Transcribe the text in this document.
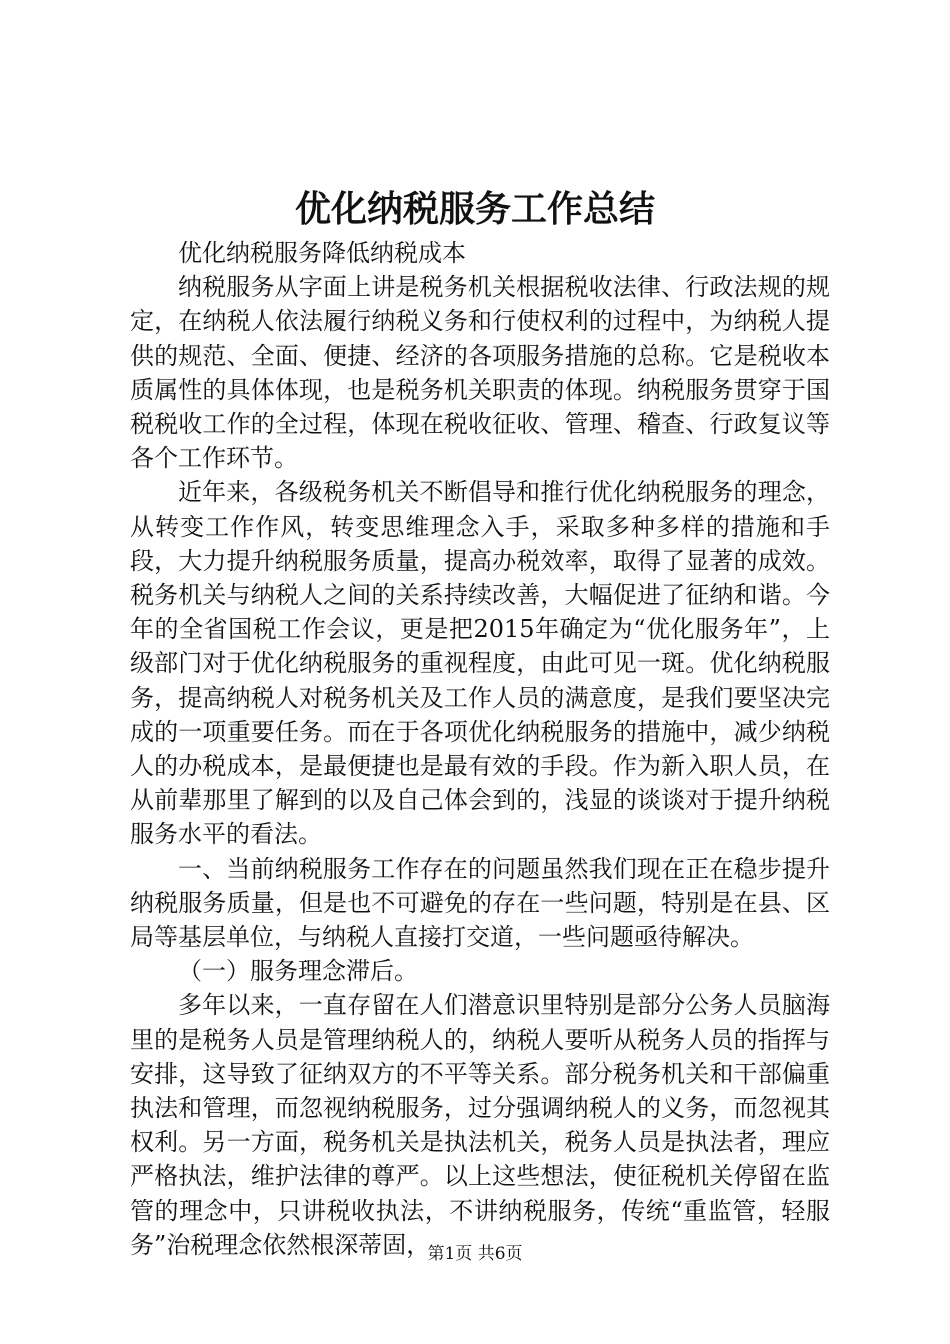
优化纳税服务工作总结

优化纳税服务降低纳税成本

纳税服务从字面上讲是税务机关根据税收法律、行政法规的规定，在纳税人依法履行纳税义务和行使权利的过程中，为纳税人提供的规范、全面、便捷、经济的各项服务措施的总称。它是税收本质属性的具体体现，也是税务机关职责的体现。纳税服务贯穿于国税税收工作的全过程，体现在税收征收、管理、稽查、行政复议等各个工作环节。

近年来，各级税务机关不断倡导和推行优化纳税服务的理念，从转变工作作风，转变思维理念入手，采取多种多样的措施和手段，大力提升纳税服务质量，提高办税效率，取得了显著的成效。税务机关与纳税人之间的关系持续改善，大幅促进了征纳和谐。今年的全省国税工作会议，更是把2015年确定为“优化服务年”，上级部门对于优化纳税服务的重视程度，由此可见一斑。优化纳税服务，提高纳税人对税务机关及工作人员的满意度，是我们要坚决完成的一项重要任务。而在于各项优化纳税服务的措施中，减少纳税人的办税成本，是最便捷也是最有效的手段。作为新入职人员，在从前辈那里了解到的以及自己体会到的，浅显的谈谈对于提升纳税服务水平的看法。

一、当前纳税服务工作存在的问题虽然我们现在正在稳步提升纳税服务质量，但是也不可避免的存在一些问题，特别是在县、区局等基层单位，与纳税人直接打交道，一些问题亟待解决。

（一）服务理念滞后。

多年以来，一直存留在人们潜意识里特别是部分公务人员脑海里的是税务人员是管理纳税人的，纳税人要听从税务人员的指挥与安排，这导致了征纳双方的不平等关系。部分税务机关和干部偏重执法和管理，而忽视纳税服务，过分强调纳税人的义务，而忽视其权利。另一方面，税务机关是执法机关，税务人员是执法者，理应严格执法，维护法律的尊严。以上这些想法，使征税机关停留在监管的理念中，只讲税收执法，不讲纳税服务，传统“重监管，轻服务”治税理念依然根深蒂固，

第1页 共6页
